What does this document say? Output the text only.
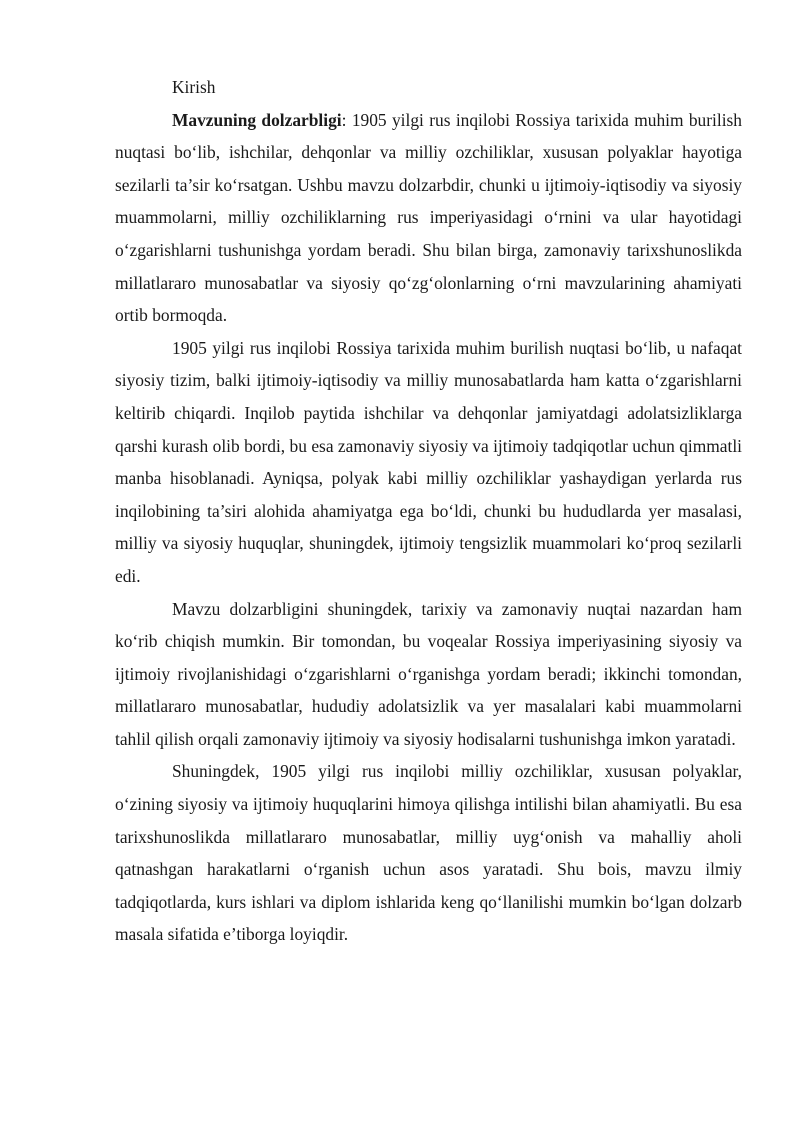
Kirish

Mavzuning dolzarbligi: 1905 yilgi rus inqilobi Rossiya tarixida muhim burilish nuqtasi bo‘lib, ishchilar, dehqonlar va milliy ozchiliklar, xususan polyaklar hayotiga sezilarli ta’sir ko‘rsatgan. Ushbu mavzu dolzarbdir, chunki u ijtimoiy-iqtisodiy va siyosiy muammolarni, milliy ozchiliklarning rus imperiyasidagi o‘rnini va ular hayotidagi o‘zgarishlarni tushunishga yordam beradi. Shu bilan birga, zamonaviy tarixshunoslikda millatlararo munosabatlar va siyosiy qo‘zg‘olonlarning o‘rni mavzularining ahamiyati ortib bormoqda.

1905 yilgi rus inqilobi Rossiya tarixida muhim burilish nuqtasi bo‘lib, u nafaqat siyosiy tizim, balki ijtimoiy-iqtisodiy va milliy munosabatlarda ham katta o‘zgarishlarni keltirib chiqardi. Inqilob paytida ishchilar va dehqonlar jamiyatdagi adolatsizliklarga qarshi kurash olib bordi, bu esa zamonaviy siyosiy va ijtimoiy tadqiqotlar uchun qimmatli manba hisoblanadi. Ayniqsa, polyak kabi milliy ozchiliklar yashaydigan yerlarda rus inqilobining ta’siri alohida ahamiyatga ega bo‘ldi, chunki bu hududlarda yer masalasi, milliy va siyosiy huquqlar, shuningdek, ijtimoiy tengsizlik muammolari ko‘proq sezilarli edi.

Mavzu dolzarbligini shuningdek, tarixiy va zamonaviy nuqtai nazardan ham ko‘rib chiqish mumkin. Bir tomondan, bu voqealar Rossiya imperiyasining siyosiy va ijtimoiy rivojlanishidagi o‘zgarishlarni o‘rganishga yordam beradi; ikkinchi tomondan, millatlararo munosabatlar, hududiy adolatsizlik va yer masalalari kabi muammolarni tahlil qilish orqali zamonaviy ijtimoiy va siyosiy hodisalarni tushunishga imkon yaratadi.

Shuningdek, 1905 yilgi rus inqilobi milliy ozchiliklar, xususan polyaklar, o‘zining siyosiy va ijtimoiy huquqlarini himoya qilishga intilishi bilan ahamiyatli. Bu esa tarixshunoslikda millatlararo munosabatlar, milliy uyg‘onish va mahalliy aholi qatnashgan harakatlarni o‘rganish uchun asos yaratadi. Shu bois, mavzu ilmiy tadqiqotlarda, kurs ishlari va diplom ishlarida keng qo‘llanilishi mumkin bo‘lgan dolzarb masala sifatida e’tiborga loyiqdir.
